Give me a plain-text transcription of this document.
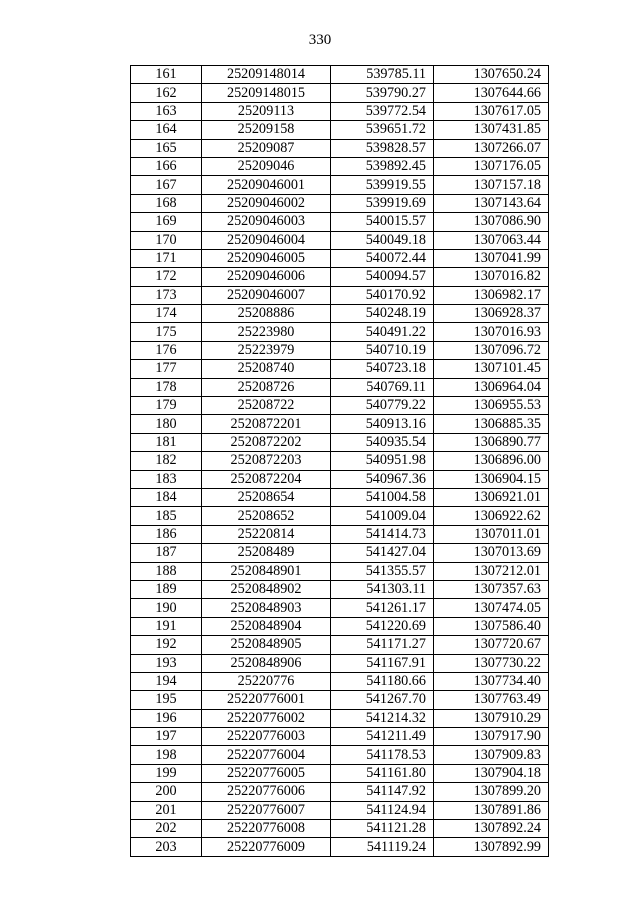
330
161	25209148014	539785.11	1307650.24
162	25209148015	539790.27	1307644.66
163	25209113	539772.54	1307617.05
164	25209158	539651.72	1307431.85
165	25209087	539828.57	1307266.07
166	25209046	539892.45	1307176.05
167	25209046001	539919.55	1307157.18
168	25209046002	539919.69	1307143.64
169	25209046003	540015.57	1307086.90
170	25209046004	540049.18	1307063.44
171	25209046005	540072.44	1307041.99
172	25209046006	540094.57	1307016.82
173	25209046007	540170.92	1306982.17
174	25208886	540248.19	1306928.37
175	25223980	540491.22	1307016.93
176	25223979	540710.19	1307096.72
177	25208740	540723.18	1307101.45
178	25208726	540769.11	1306964.04
179	25208722	540779.22	1306955.53
180	2520872201	540913.16	1306885.35
181	2520872202	540935.54	1306890.77
182	2520872203	540951.98	1306896.00
183	2520872204	540967.36	1306904.15
184	25208654	541004.58	1306921.01
185	25208652	541009.04	1306922.62
186	25220814	541414.73	1307011.01
187	25208489	541427.04	1307013.69
188	2520848901	541355.57	1307212.01
189	2520848902	541303.11	1307357.63
190	2520848903	541261.17	1307474.05
191	2520848904	541220.69	1307586.40
192	2520848905	541171.27	1307720.67
193	2520848906	541167.91	1307730.22
194	25220776	541180.66	1307734.40
195	25220776001	541267.70	1307763.49
196	25220776002	541214.32	1307910.29
197	25220776003	541211.49	1307917.90
198	25220776004	541178.53	1307909.83
199	25220776005	541161.80	1307904.18
200	25220776006	541147.92	1307899.20
201	25220776007	541124.94	1307891.86
202	25220776008	541121.28	1307892.24
203	25220776009	541119.24	1307892.99
